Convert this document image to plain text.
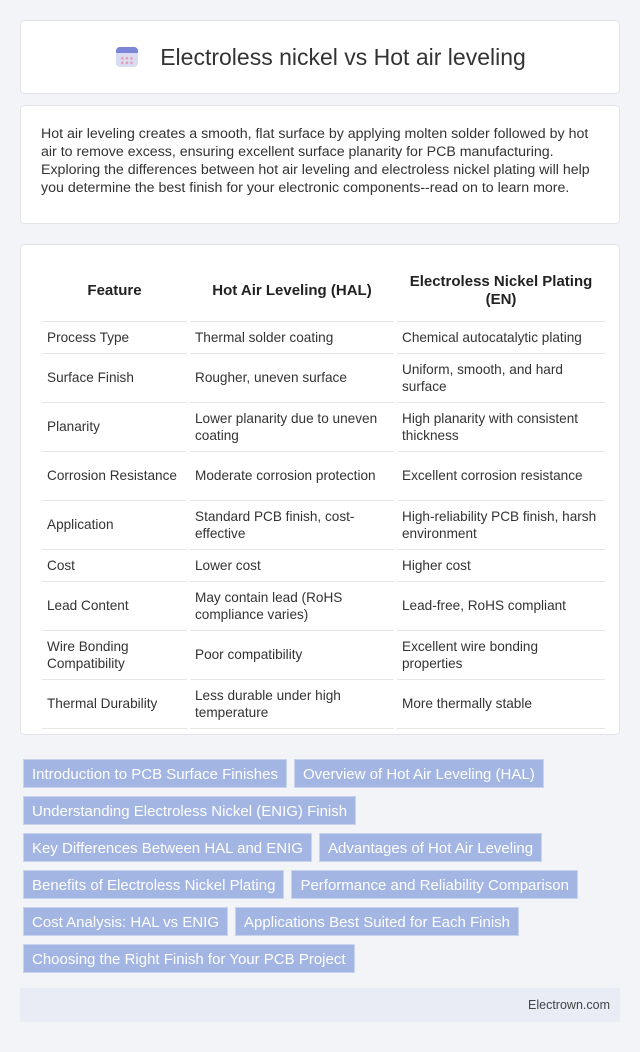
Electroless nickel vs Hot air leveling

Hot air leveling creates a smooth, flat surface by applying molten solder followed by hot air to remove excess, ensuring excellent surface planarity for PCB manufacturing. Exploring the differences between hot air leveling and electroless nickel plating will help you determine the best finish for your electronic components--read on to learn more.

Feature	Hot Air Leveling (HAL)	Electroless Nickel Plating (EN)
Process Type	Thermal solder coating	Chemical autocatalytic plating
Surface Finish	Rougher, uneven surface	Uniform, smooth, and hard surface
Planarity	Lower planarity due to uneven coating	High planarity with consistent thickness
Corrosion Resistance	Moderate corrosion protection	Excellent corrosion resistance
Application	Standard PCB finish, cost-effective	High-reliability PCB finish, harsh environment
Cost	Lower cost	Higher cost
Lead Content	May contain lead (RoHS compliance varies)	Lead-free, RoHS compliant
Wire Bonding Compatibility	Poor compatibility	Excellent wire bonding properties
Thermal Durability	Less durable under high temperature	More thermally stable
Introduction to PCB Surface Finishes Overview of Hot Air Leveling (HAL)Understanding Electroless Nickel (ENIG) FinishKey Differences Between HAL and ENIG Advantages of Hot Air LevelingBenefits of Electroless Nickel Plating Performance and Reliability ComparisonCost Analysis: HAL vs ENIG Applications Best Suited for Each FinishChoosing the Right Finish for Your PCB Project
Electrown.com
